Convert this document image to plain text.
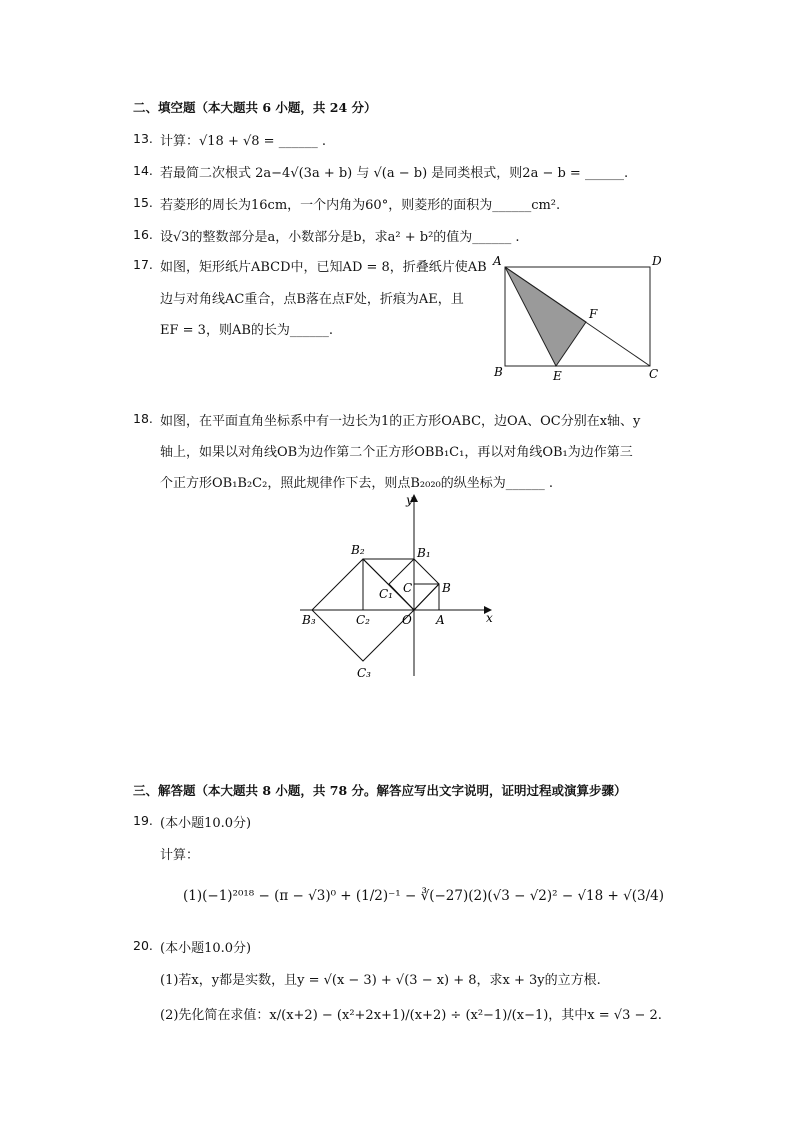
二、填空题（本大题共 6 小题，共 24 分）
13. 计算：√18 + √8 = ______ .
14. 若最简二次根式 2a−4√(3a + b) 与 √(a − b) 是同类根式，则2a − b = ______.
15. 若菱形的周长为16cm，一个内角为60°，则菱形的面积为______cm².
16. 设√3的整数部分是a，小数部分是b，求a² + b²的值为______ .
17. 如图，矩形纸片ABCD中，已知AD = 8，折叠纸片使AB
边与对角线AC重合，点B落在点F处，折痕为AE，且
EF = 3，则AB的长为______.
A	D
B	C
E
F
18. 如图，在平面直角坐标系中有一边长为1的正方形OABC，边OA、OC分别在x轴、y
轴上，如果以对角线OB为边作第二个正方形OBB₁C₁，再以对角线OB₁为边作第三
个正方形OB₁B₂C₂，照此规律作下去，则点B₂₀₂₀的纵坐标为______ .
y
x
O A
B
C
B₁
C₁
B₂
C₂
B₃
C₃
三、解答题（本大题共 8 小题，共 78 分。解答应写出文字说明，证明过程或演算步骤）
19. (本小题10.0分)
计算：
(1)(−1)²⁰¹⁸ − (π − √3)⁰ + (1/2)⁻¹ − ∛(−27)(2)(√3 − √2)² − √18 + √(3/4)
20. (本小题10.0分)
(1)若x，y都是实数，且y = √(x − 3) + √(3 − x) + 8，求x + 3y的立方根.
(2)先化简在求值：x/(x+2) − (x²+2x+1)/(x+2) ÷ (x²−1)/(x−1)，其中x = √3 − 2.
